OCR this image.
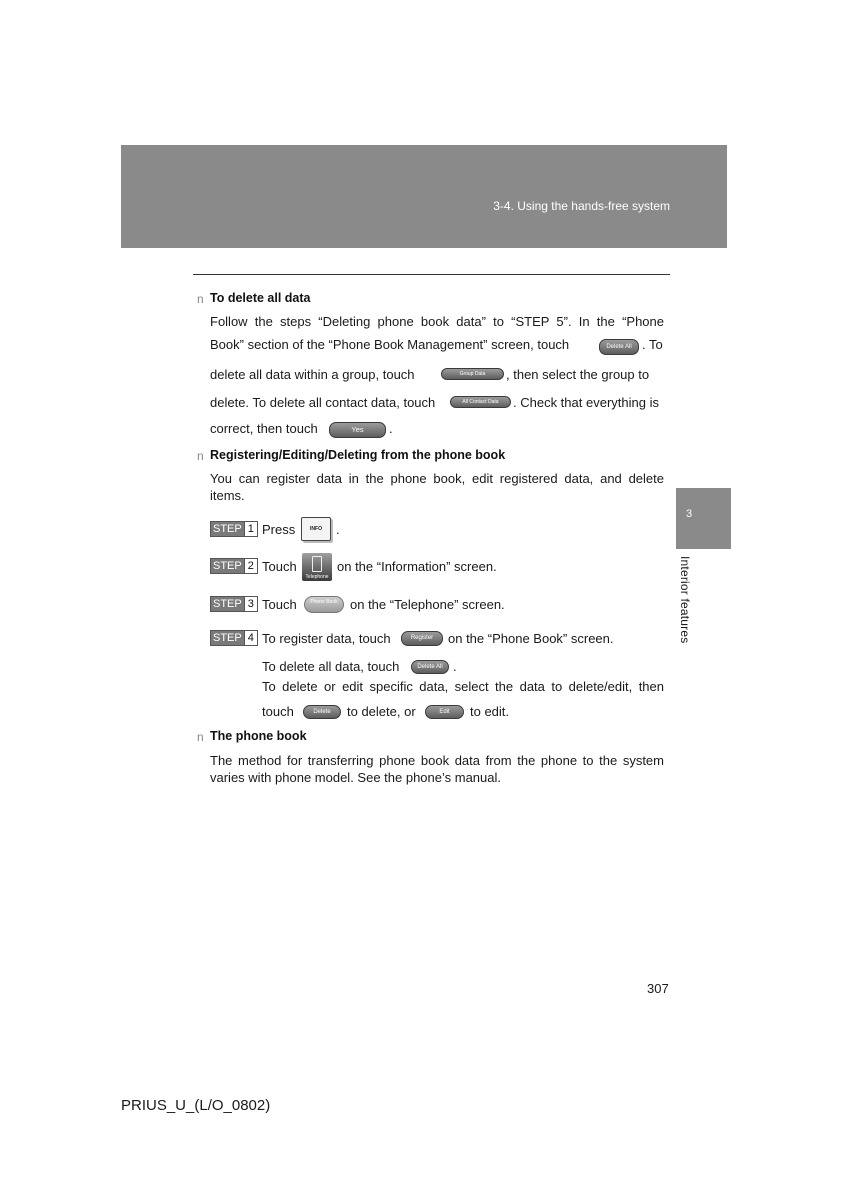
3-4. Using the hands-free system
3
Interior features
n To delete all data
Follow the steps “Deleting phone book data” to “STEP 5”. In the “Phone
Book” section of the “Phone Book Management” screen, touch	Delete All . To
delete all data within a group, touch	Group Data	, then select the group to
delete. To delete all contact data, touch	All Contact Data	. Check that everything is
correct, then touch	Yes	.
n Registering/Editing/Deleting from the phone book
You can register data in the phone book, edit registered data, and delete items.
STEP 1 Press	INFO	.
STEP 2 Touch
Telephone
on the “Information” screen.
STEP 3 Touch	Phone Book on the “Telephone” screen.
STEP 4 To register data, touch	Register	on the “Phone Book” screen.
To delete all data, touch	Delete All .
To delete or edit specific data, select the data to delete/edit, then
touch	Delete	to delete, or	Edit	to edit.
n The phone book
The method for transferring phone book data from the phone to the system varies with phone model. See the phone’s manual.
307
PRIUS_U_(L/O_0802)
